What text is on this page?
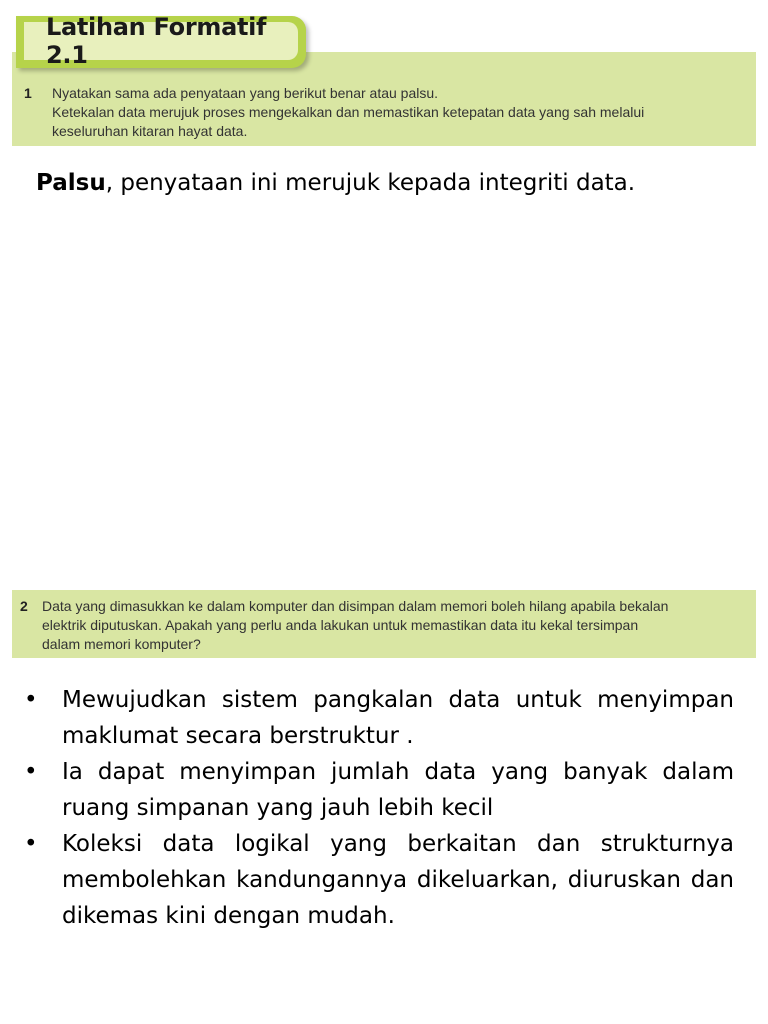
1	Nyatakan sama ada penyataan yang berikut benar atau palsu.
Ketekalan data merujuk proses mengekalkan dan memastikan ketepatan data yang sah melalui
keseluruhan kitaran hayat data.
Latihan Formatif 2.1
Palsu, penyataan ini merujuk kepada integriti data.
2	Data yang dimasukkan ke dalam komputer dan disimpan dalam memori boleh hilang apabila bekalan
elektrik diputuskan. Apakah yang perlu anda lakukan untuk memastikan data itu kekal tersimpan
dalam memori komputer?
• Mewujudkan sistem pangkalan data untuk menyimpan maklumat secara berstruktur .
• Ia dapat menyimpan jumlah data yang banyak dalam ruang simpanan yang jauh lebih kecil
• Koleksi data logikal yang berkaitan dan strukturnya membolehkan kandungannya dikeluarkan, diuruskan dan dikemas kini dengan mudah.
